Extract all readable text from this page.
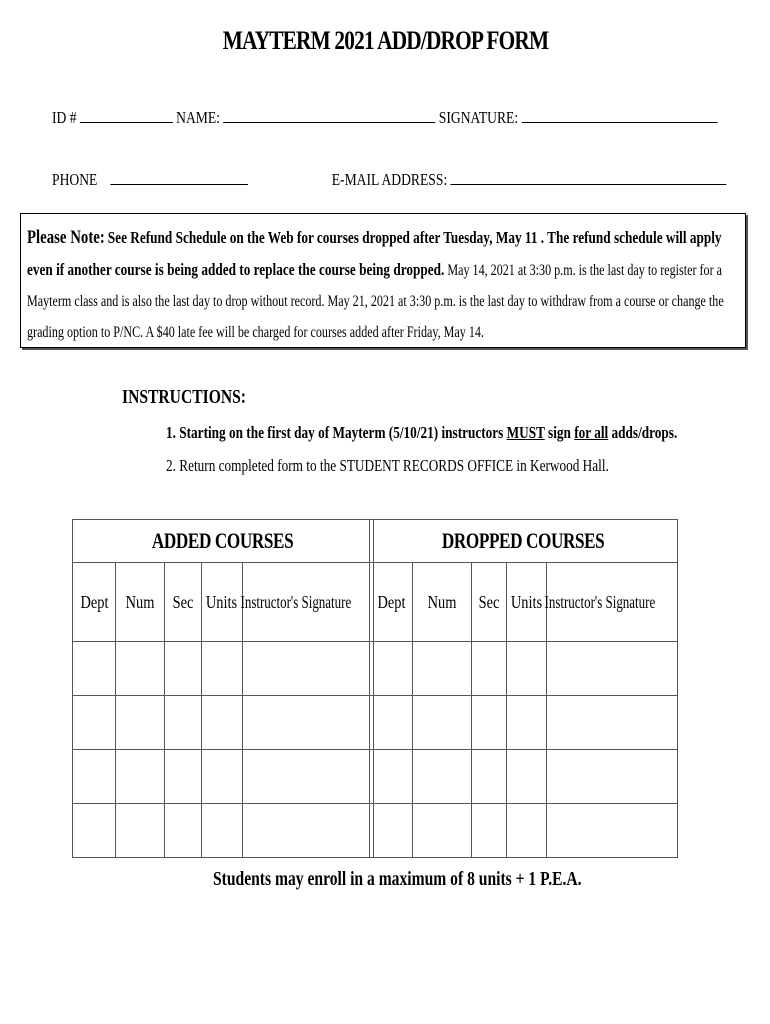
MAYTERM 2021 ADD/DROP FORM
ID #	NAME:	SIGNATURE:
PHONE	E-MAIL ADDRESS:
Please Note: See Refund Schedule on the Web for courses dropped after Tuesday, May 11 . The refund schedule will apply even if another course is being added to replace the course being dropped. May 14, 2021 at 3:30 p.m. is the last day to register for a Mayterm class and is also the last day to drop without record. May 21, 2021 at 3:30 p.m. is the last day to withdraw from a course or change the grading option to P/NC. A $40 late fee will be charged for courses added after Friday, May 14.
INSTRUCTIONS:
1. Starting on the first day of Mayterm (5/10/21) instructors MUST sign for all adds/drops.
2. Return completed form to the STUDENT RECORDS OFFICE in Kerwood Hall.
ADDED COURSES				
Dept	Num	Sec	Units	Instructor's Signature

DROPPED COURSES				
Dept	Num	Sec	Units	Instructor's Signature

Students may enroll in a maximum of 8 units + 1 P.E.A.
